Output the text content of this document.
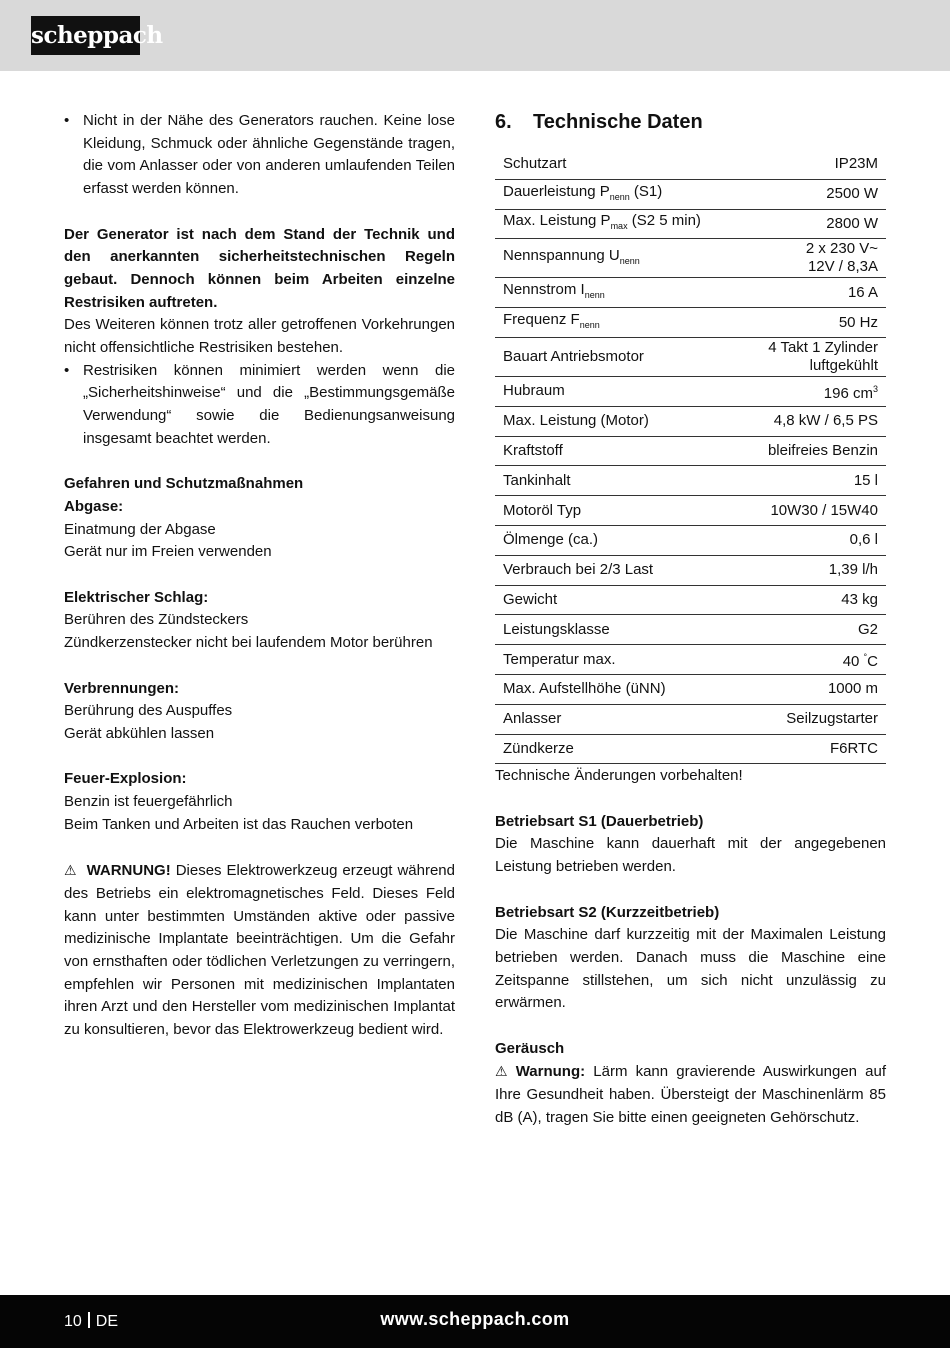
scheppach

• Nicht in der Nähe des Generators rauchen. Keine lose Kleidung, Schmuck oder ähnliche Gegenstände tragen, die vom Anlasser oder von anderen umlaufenden Teilen erfasst werden können.

Der Generator ist nach dem Stand der Technik und den anerkannten sicherheitstechnischen Regeln gebaut. Dennoch können beim Arbeiten einzelne Restrisiken auftreten.

Des Weiteren können trotz aller getroffenen Vorkehrungen nicht offensichtliche Restrisiken bestehen.

• Restrisiken können minimiert werden wenn die „Sicherheitshinweise“ und die „Bestimmungsgemäße Verwendung“ sowie die Bedienungsanweisung insgesamt beachtet werden.

Gefahren und Schutzmaßnahmen

Abgase:

Einatmung der Abgase

Gerät nur im Freien verwenden

Elektrischer Schlag:

Berühren des Zündsteckers

Zündkerzenstecker nicht bei laufendem Motor berühren

Verbrennungen:

Berührung des Auspuffes

Gerät abkühlen lassen

Feuer-Explosion:

Benzin ist feuergefährlich

Beim Tanken und Arbeiten ist das Rauchen verboten

⚠ WARNUNG! Dieses Elektrowerkzeug erzeugt während des Betriebs ein elektromagnetisches Feld. Dieses Feld kann unter bestimmten Umständen aktive oder passive medizinische Implantate beeinträchtigen. Um die Gefahr von ernsthaften oder tödlichen Verletzungen zu verringern, empfehlen wir Personen mit medizinischen Implantaten ihren Arzt und den Hersteller vom medizinischen Implantat zu konsultieren, bevor das Elektrowerkzeug bedient wird.

6. Technische Daten
Schutzart	IP23M
Dauerleistung $P_{nenn}$ (S1)	2500 W
Max. Leistung $P_{max}$ (S2 5 min)	2800 W
Nennspannung $U_{nenn}$	2 x 230 V~
12V / 8,3A
Nennstrom $I_{nenn}$	16 A
Frequenz $F_{nenn}$	50 Hz
Bauart Antriebsmotor	4 Takt 1 Zylinder
luftgekühlt
Hubraum	196 $cm^3$
Max. Leistung (Motor)	4,8 kW / 6,5 PS
Kraftstoff	bleifreies Benzin
Tankinhalt	15 l
Motoröl Typ	10W30 / 15W40
Ölmenge (ca.)	0,6 l
Verbrauch bei 2/3 Last	1,39 l/h
Gewicht	43 kg
Leistungsklasse	G2
Temperatur max.	40 °C
Max. Aufstellhöhe (üNN)	1000 m
Anlasser	Seilzugstarter
Zündkerze	F6RTC

Technische Änderungen vorbehalten!

Betriebsart S1 (Dauerbetrieb)

Die Maschine kann dauerhaft mit der angegebenen Leistung betrieben werden.

Betriebsart S2 (Kurzzeitbetrieb)

Die Maschine darf kurzzeitig mit der Maximalen Leistung betrieben werden. Danach muss die Maschine eine Zeitspanne stillstehen, um sich nicht unzulässig zu erwärmen.

Geräusch

⚠ Warnung: Lärm kann gravierende Auswirkungen auf Ihre Gesundheit haben. Übersteigt der Maschinenlärm 85 dB (A), tragen Sie bitte einen geeigneten Gehörschutz.

10 DE	www.scheppach.com
